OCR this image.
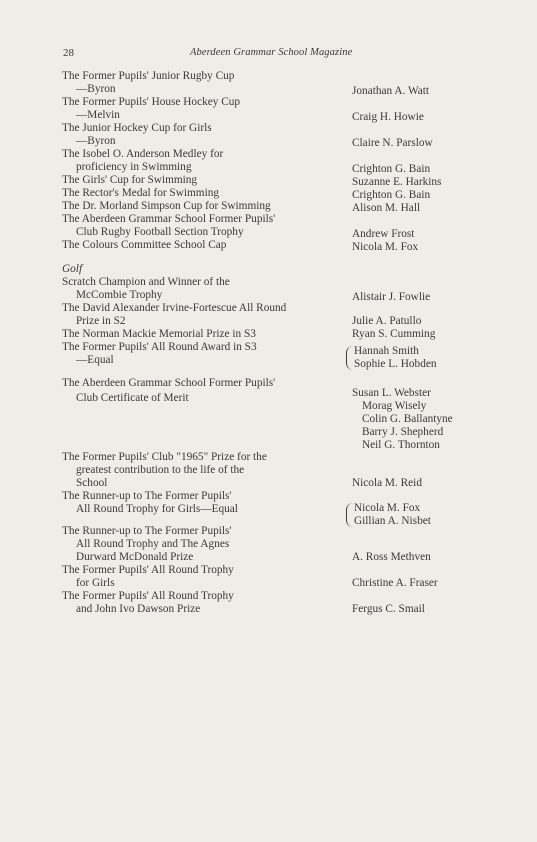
28	Aberdeen Grammar School Magazine
The Former Pupils' Junior Rugby Cup
—Byron
The Former Pupils' House Hockey Cup
—Melvin
The Junior Hockey Cup for Girls
—Byron
The Isobel O. Anderson Medley for
proficiency in Swimming
The Girls' Cup for Swimming
The Rector's Medal for Swimming
The Dr. Morland Simpson Cup for Swimming
The Aberdeen Grammar School Former Pupils'
Club Rugby Football Section Trophy
The Colours Committee School Cap
Jonathan A. Watt
Craig H. Howie
Claire N. Parslow
Crighton G. Bain
Suzanne E. Harkins
Crighton G. Bain
Alison M. Hall
Andrew Frost
Nicola M. Fox
Golf
Scratch Champion and Winner of the
McCombie Trophy
The David Alexander Irvine-Fortescue All Round
Prize in S2
The Norman Mackie Memorial Prize in S3
The Former Pupils' All Round Award in S3
—Equal
The Aberdeen Grammar School Former Pupils'
Club Certificate of Merit
Alistair J. Fowlie
Julie A. Patullo
Ryan S. Cumming
Hannah Smith
Sophie L. Hobden
Susan L. Webster
Morag Wisely
Colin G. Ballantyne
Barry J. Shepherd
Neil G. Thornton
The Former Pupils' Club "1965" Prize for the
greatest contribution to the life of the
School
The Runner-up to The Former Pupils'
All Round Trophy for Girls—Equal
The Runner-up to The Former Pupils'
All Round Trophy and The Agnes
Durward McDonald Prize
The Former Pupils' All Round Trophy
for Girls
The Former Pupils' All Round Trophy
and John Ivo Dawson Prize
Nicola M. Reid
Nicola M. Fox
Gillian A. Nisbet
A. Ross Methven
Christine A. Fraser
Fergus C. Smail
